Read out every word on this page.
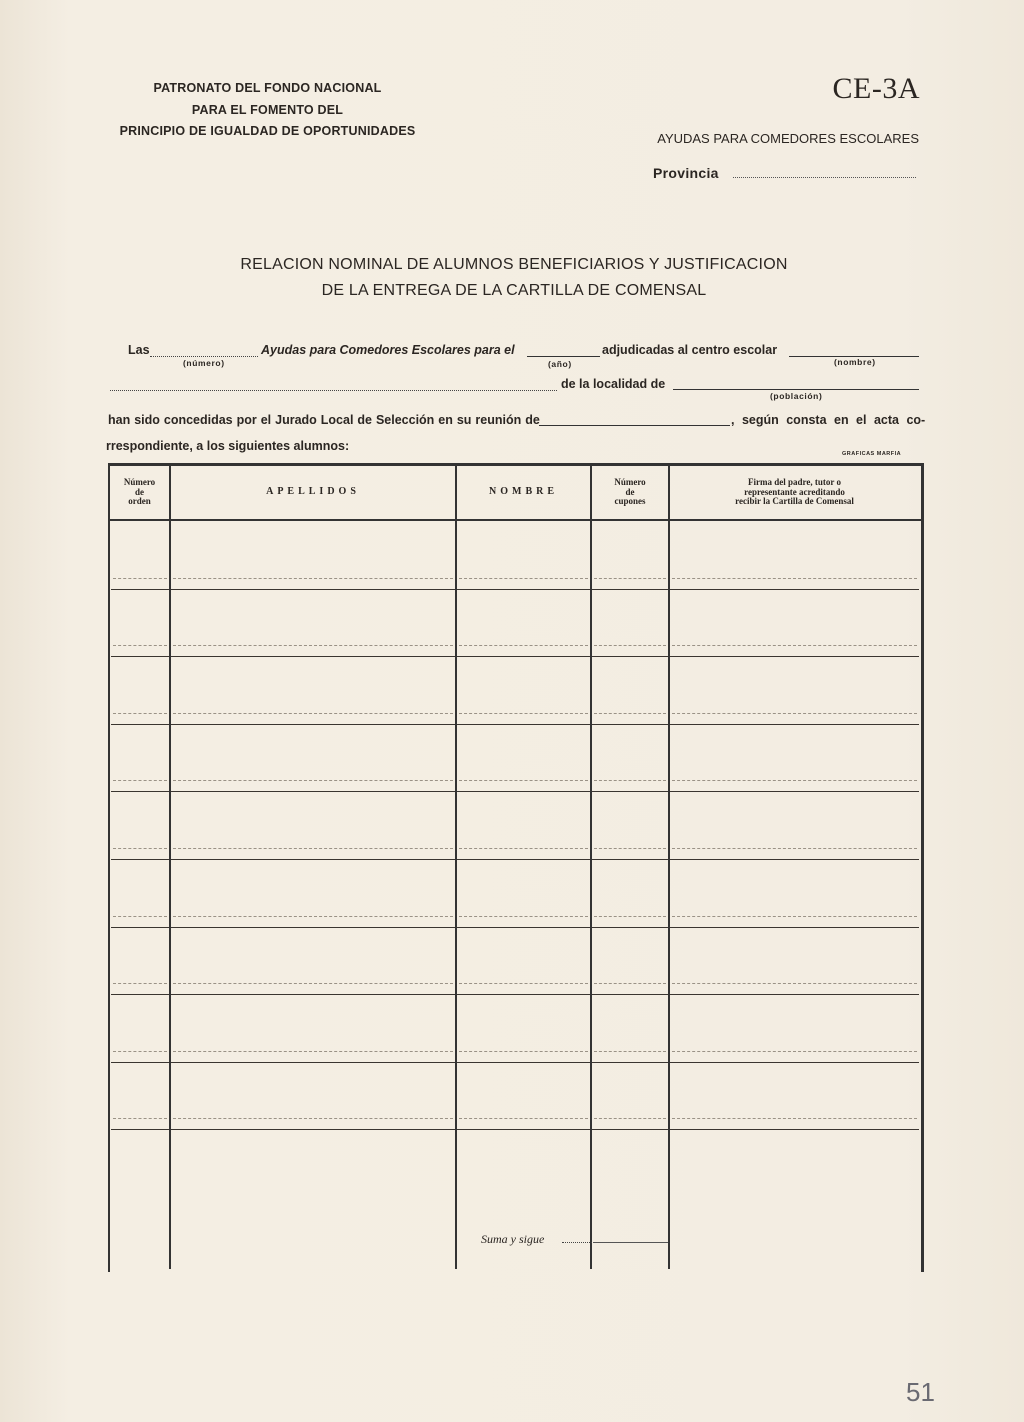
PATRONATO DEL FONDO NACIONAL
PARA EL FOMENTO DEL
PRINCIPIO DE IGUALDAD DE OPORTUNIDADES
CE-3A
AYUDAS PARA COMEDORES ESCOLARES
Provincia
RELACION NOMINAL DE ALUMNOS BENEFICIARIOS Y JUSTIFICACION
DE LA ENTREGA DE LA CARTILLA DE COMENSAL
Las
(número)
Ayudas para Comedores Escolares para el
(año)
adjudicadas al centro escolar
(nombre)
de la localidad de
(población)
han sido concedidas por el Jurado Local de Selección en su reunión de	, según consta en el acta co-
rrespondiente, a los siguientes alumnos:
GRAFICAS MARFIA
Número
de
orden
APELLIDOS	NOMBRE
Número
de
cupones
Firma del padre, tutor o
representante acreditando
recibir la Cartilla de Comensal
Suma y sigue
51
